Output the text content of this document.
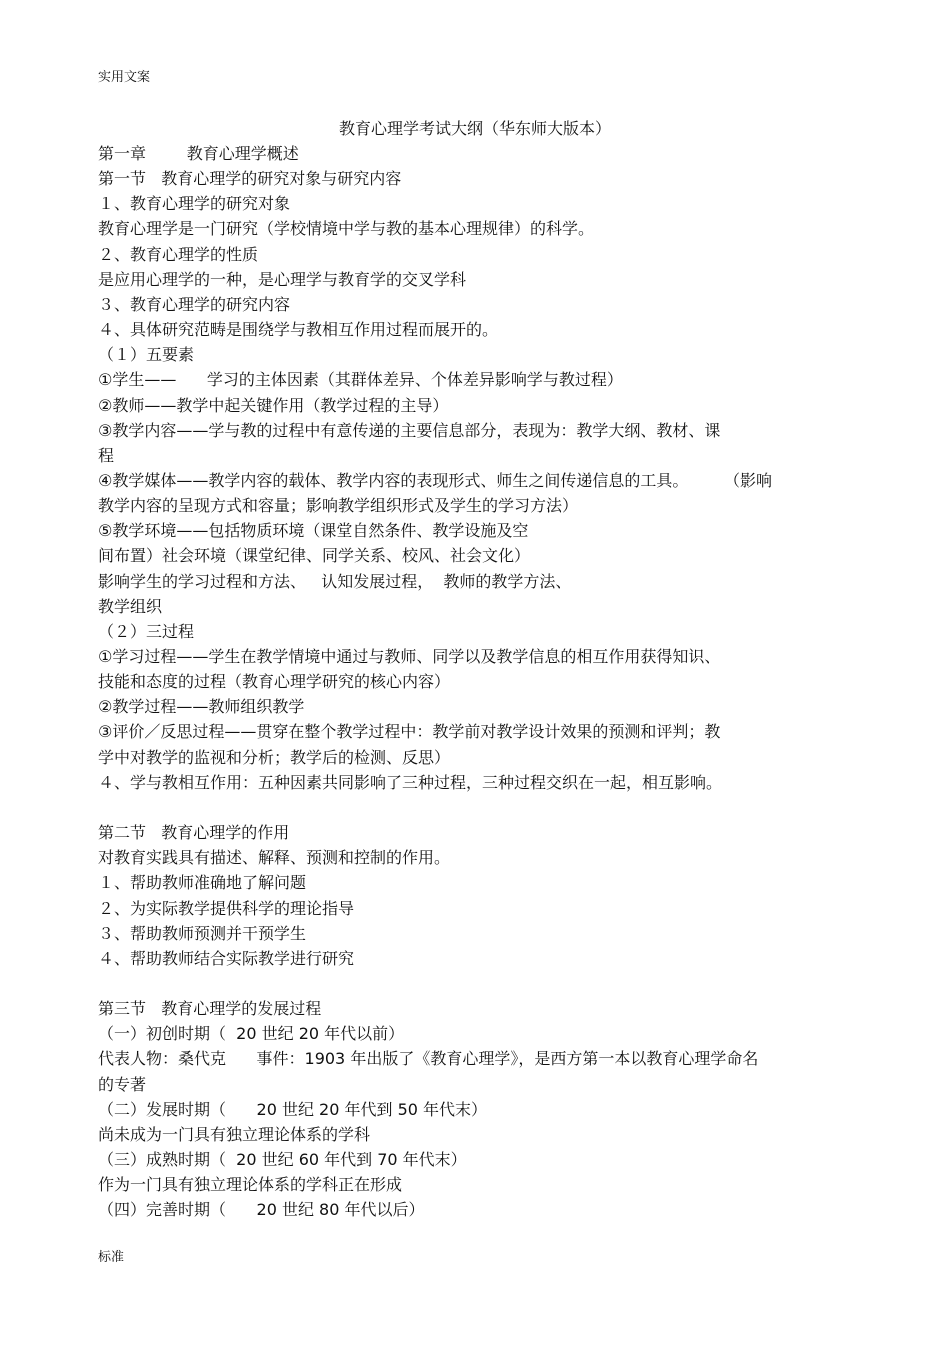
实用文案
教育心理学考试大纲（华东师大版本）
第一章        教育心理学概述
第一节   教育心理学的研究对象与研究内容
１、教育心理学的研究对象
教育心理学是一门研究（学校情境中学与教的基本心理规律）的科学。
２、教育心理学的性质
是应用心理学的一种，是心理学与教育学的交叉学科
３、教育心理学的研究内容
４、具体研究范畴是围绕学与教相互作用过程而展开的。
（１）五要素
①学生——      学习的主体因素（其群体差异、个体差异影响学与教过程）
②教师——教学中起关键作用（教学过程的主导）
③教学内容——学与教的过程中有意传递的主要信息部分，表现为：教学大纲、教材、课
程
④教学媒体——教学内容的载体、教学内容的表现形式、师生之间传递信息的工具。       （影响
教学内容的呈现方式和容量；影响教学组织形式及学生的学习方法）
⑤教学环境——包括物质环境（课堂自然条件、教学设施及空
间布置）社会环境（课堂纪律、同学关系、校风、社会文化）
影响学生的学习过程和方法、   认知发展过程，  教师的教学方法、
教学组织
（２）三过程
①学习过程——学生在教学情境中通过与教师、同学以及教学信息的相互作用获得知识、
技能和态度的过程（教育心理学研究的核心内容）
②教学过程——教师组织教学
③评价／反思过程——贯穿在整个教学过程中：教学前对教学设计效果的预测和评判；教
学中对教学的监视和分析；教学后的检测、反思）
４、学与教相互作用：五种因素共同影响了三种过程，三种过程交织在一起，相互影响。
第二节   教育心理学的作用
对教育实践具有描述、解释、预测和控制的作用。
１、帮助教师准确地了解问题
２、为实际教学提供科学的理论指导
３、帮助教师预测并干预学生
４、帮助教师结合实际教学进行研究
第三节   教育心理学的发展过程
（一）初创时期（  20 世纪 20 年代以前）
代表人物：桑代克      事件：1903 年出版了《教育心理学》，是西方第一本以教育心理学命名
的专著
（二）发展时期（      20 世纪 20 年代到 50 年代末）
尚未成为一门具有独立理论体系的学科
（三）成熟时期（  20 世纪 60 年代到 70 年代末）
作为一门具有独立理论体系的学科正在形成
（四）完善时期（      20 世纪 80 年代以后）
标准
